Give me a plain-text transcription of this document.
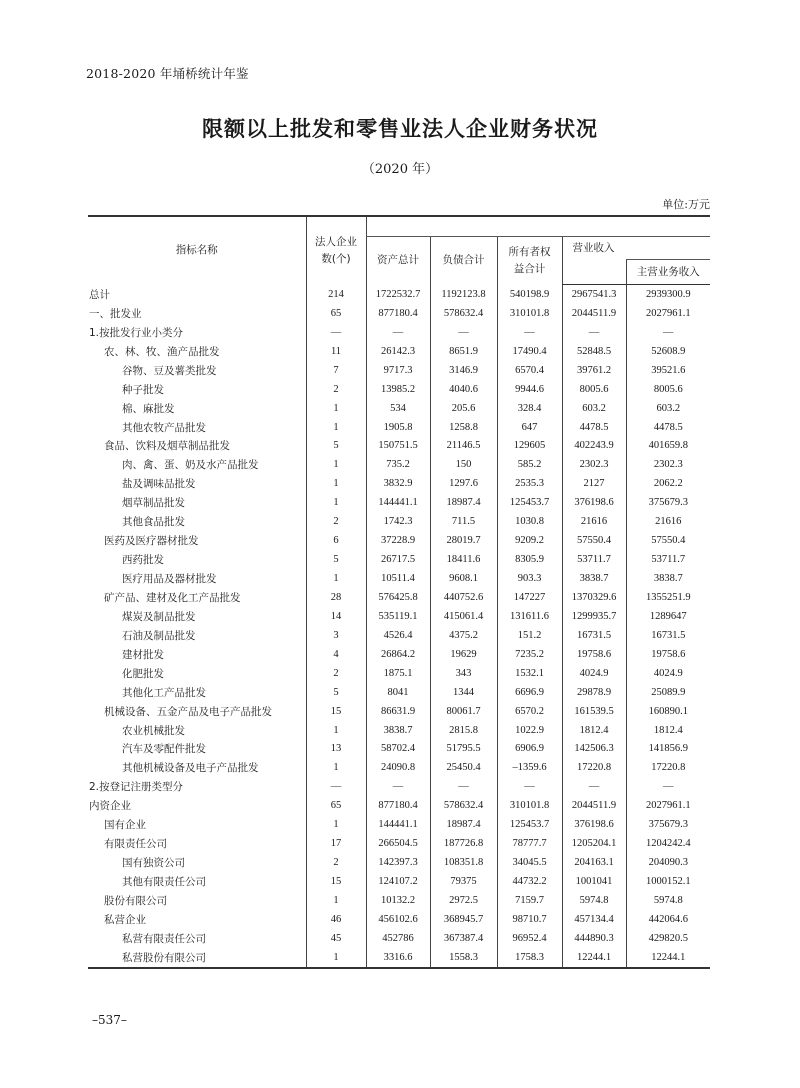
2018-2020 年埇桥统计年鉴
限额以上批发和零售业法人企业财务状况
（2020 年）
单位:万元
指标名称	法人企业
数(个)					

		资产总计	负债合计	所有者权
益合计	营业收入	
						主营业务收入
总计	214	1722532.7	1192123.8	540198.9	2967541.3	2939300.9
一、批发业	65	877180.4	578632.4	310101.8	2044511.9	2027961.1
1.按批发行业小类分	—	—	—	—	—	—
农、林、牧、渔产品批发	11	26142.3	8651.9	17490.4	52848.5	52608.9
谷物、豆及薯类批发	7	9717.3	3146.9	6570.4	39761.2	39521.6
种子批发	2	13985.2	4040.6	9944.6	8005.6	8005.6
棉、麻批发	1	534	205.6	328.4	603.2	603.2
其他农牧产品批发	1	1905.8	1258.8	647	4478.5	4478.5
食品、饮料及烟草制品批发	5	150751.5	21146.5	129605	402243.9	401659.8
肉、禽、蛋、奶及水产品批发	1	735.2	150	585.2	2302.3	2302.3
盐及调味品批发	1	3832.9	1297.6	2535.3	2127	2062.2
烟草制品批发	1	144441.1	18987.4	125453.7	376198.6	375679.3
其他食品批发	2	1742.3	711.5	1030.8	21616	21616
医药及医疗器材批发	6	37228.9	28019.7	9209.2	57550.4	57550.4
西药批发	5	26717.5	18411.6	8305.9	53711.7	53711.7
医疗用品及器材批发	1	10511.4	9608.1	903.3	3838.7	3838.7
矿产品、建材及化工产品批发	28	576425.8	440752.6	147227	1370329.6	1355251.9
煤炭及制品批发	14	535119.1	415061.4	131611.6	1299935.7	1289647
石油及制品批发	3	4526.4	4375.2	151.2	16731.5	16731.5
建材批发	4	26864.2	19629	7235.2	19758.6	19758.6
化肥批发	2	1875.1	343	1532.1	4024.9	4024.9
其他化工产品批发	5	8041	1344	6696.9	29878.9	25089.9
机械设备、五金产品及电子产品批发	15	86631.9	80061.7	6570.2	161539.5	160890.1
农业机械批发	1	3838.7	2815.8	1022.9	1812.4	1812.4
汽车及零配件批发	13	58702.4	51795.5	6906.9	142506.3	141856.9
其他机械设备及电子产品批发	1	24090.8	25450.4	–1359.6	17220.8	17220.8
2.按登记注册类型分	—	—	—	—	—	—
内资企业	65	877180.4	578632.4	310101.8	2044511.9	2027961.1
国有企业	1	144441.1	18987.4	125453.7	376198.6	375679.3
有限责任公司	17	266504.5	187726.8	78777.7	1205204.1	1204242.4
国有独资公司	2	142397.3	108351.8	34045.5	204163.1	204090.3
其他有限责任公司	15	124107.2	79375	44732.2	1001041	1000152.1
股份有限公司	1	10132.2	2972.5	7159.7	5974.8	5974.8
私营企业	46	456102.6	368945.7	98710.7	457134.4	442064.6
私营有限责任公司	45	452786	367387.4	96952.4	444890.3	429820.5
私营股份有限公司	1	3316.6	1558.3	1758.3	12244.1	12244.1
–537–
